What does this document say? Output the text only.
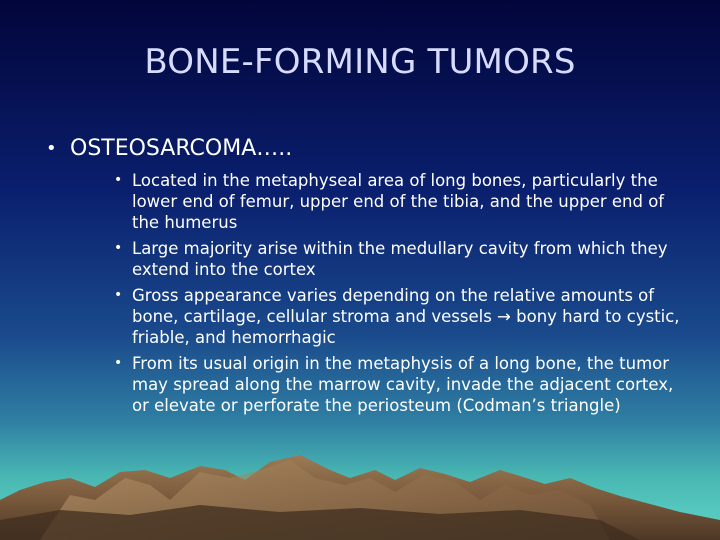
BONE-FORMING TUMORS
• OSTEOSARCOMA…..
• Located in the metaphyseal area of long bones, particularly the lower end of femur, upper end of the tibia, and the upper end of the humerus
• Large majority arise within the medullary cavity from which they extend into the cortex
• Gross appearance varies depending on the relative amounts of bone, cartilage, cellular stroma and vessels → bony hard to cystic, friable, and hemorrhagic
• From its usual origin in the metaphysis of a long bone, the tumor may spread along the marrow cavity, invade the adjacent cortex, or elevate or perforate the periosteum (Codman’s triangle)
